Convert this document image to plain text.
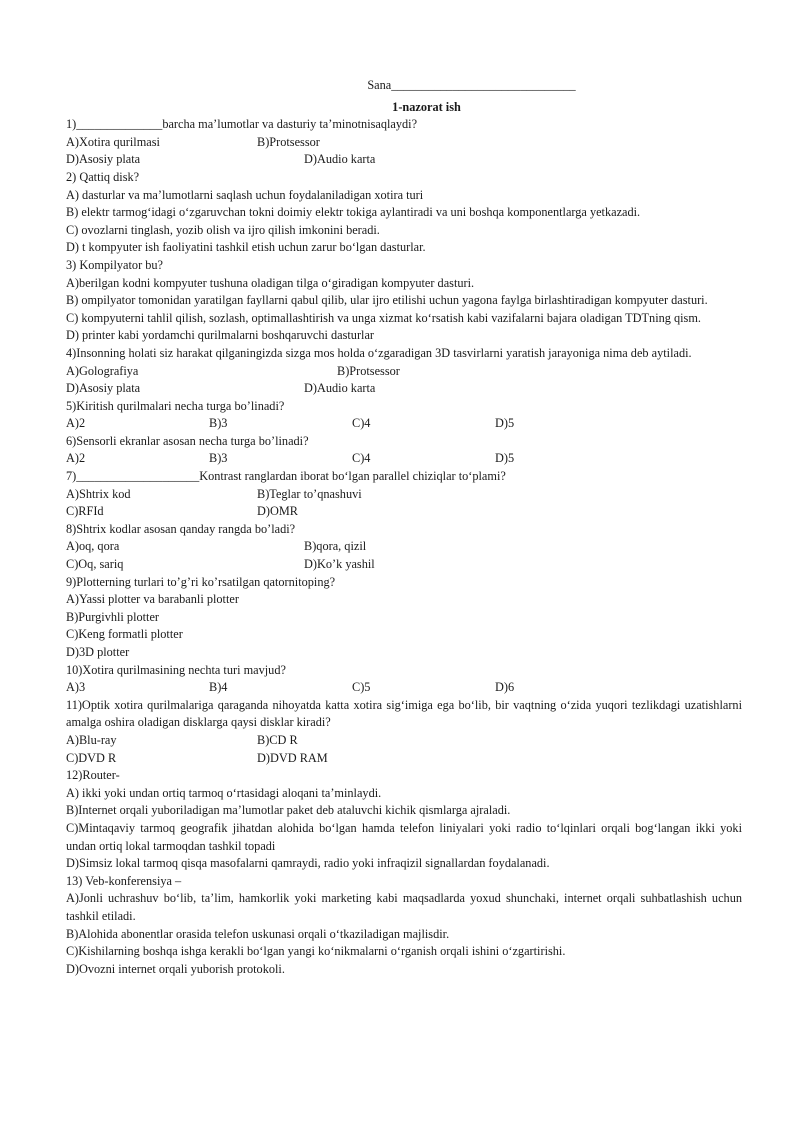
Sana______________________________
1-nazorat ish
1)______________barcha ma’lumotlar va dasturiy ta’minotnisaqlaydi?
A)Xotira qurilmasi	B)Protsessor
D)Asosiy plata	D)Audio karta
2) Qattiq disk?
A) dasturlar va ma’lumotlarni saqlash uchun foydalaniladigan xotira turi
B) elektr tarmog‘idagi o‘zgaruvchan tokni doimiy elektr tokiga aylantiradi va uni boshqa komponentlarga yetkazadi.
C) ovozlarni tinglash, yozib olish va ijro qilish imkonini beradi.
D) t kompyuter ish faoliyatini tashkil etish uchun zarur bo‘lgan dasturlar.
3) Kompilyator bu?
A)berilgan kodni kompyuter tushuna oladigan tilga o‘giradigan kompyuter dasturi.
B) ompilyator tomonidan yaratilgan fayllarni qabul qilib, ular ijro etilishi uchun yagona faylga birlashtiradigan kompyuter dasturi.
C) kompyuterni tahlil qilish, sozlash, optimallashtirish va unga xizmat ko‘rsatish kabi vazifalarni bajara oladigan TDTning qism.
D) printer kabi yordamchi qurilmalarni boshqaruvchi dasturlar
4)Insonning holati siz harakat qilganingizda sizga mos holda o‘zgaradigan 3D tasvirlarni yaratish jarayoniga nima deb aytiladi.
A)Golografiya	B)Protsessor
D)Asosiy plata	D)Audio karta
5)Kiritish qurilmalari necha turga bo’linadi?
A)2	B)3	C)4	D)5
6)Sensorli ekranlar asosan necha turga bo’linadi?
A)2	B)3	C)4	D)5
7)____________________Kontrast ranglardan iborat bo‘lgan parallel chiziqlar to‘plami?
A)Shtrix kod	B)Teglar to’qnashuvi
C)RFId	D)OMR
8)Shtrix kodlar asosan qanday rangda bo’ladi?
A)oq, qora	B)qora, qizil
C)Oq, sariq	D)Ko’k yashil
9)Plotterning turlari to’g’ri ko’rsatilgan qatornitoping?
A)Yassi plotter va barabanli plotter
B)Purgivhli plotter
C)Keng formatli plotter
D)3D plotter
10)Xotira qurilmasining nechta turi mavjud?
A)3	B)4	C)5	D)6
11)Optik xotira qurilmalariga qaraganda nihoyatda katta xotira sig‘imiga ega bo‘lib, bir vaqtning o‘zida yuqori tezlikdagi uzatishlarni amalga oshira oladigan disklarga qaysi disklar kiradi?
A)Blu-ray	B)CD R
C)DVD R	D)DVD RAM
12)Router-
A) ikki yoki undan ortiq tarmoq o‘rtasidagi aloqani ta’minlaydi.
B)Internet orqali yuboriladigan ma’lumotlar paket deb ataluvchi kichik qismlarga ajraladi.
C)Mintaqaviy tarmoq geografik jihatdan alohida bo‘lgan hamda telefon liniyalari yoki radio to‘lqinlari orqali bog‘langan ikki yoki undan ortiq lokal tarmoqdan tashkil topadi
D)Simsiz lokal tarmoq qisqa masofalarni qamraydi, radio yoki infraqizil signallardan foydalanadi.
13) Veb-konferensiya –
A)Jonli uchrashuv bo‘lib, ta’lim, hamkorlik yoki marketing kabi maqsadlarda yoxud shunchaki, internet orqali suhbatlashish uchun tashkil etiladi.
B)Alohida abonentlar orasida telefon uskunasi orqali o‘tkaziladigan majlisdir.
C)Kishilarning boshqa ishga kerakli bo‘lgan yangi ko‘nikmalarni o‘rganish orqali ishini o‘zgartirishi.
D)Ovozni internet orqali yuborish protokoli.
